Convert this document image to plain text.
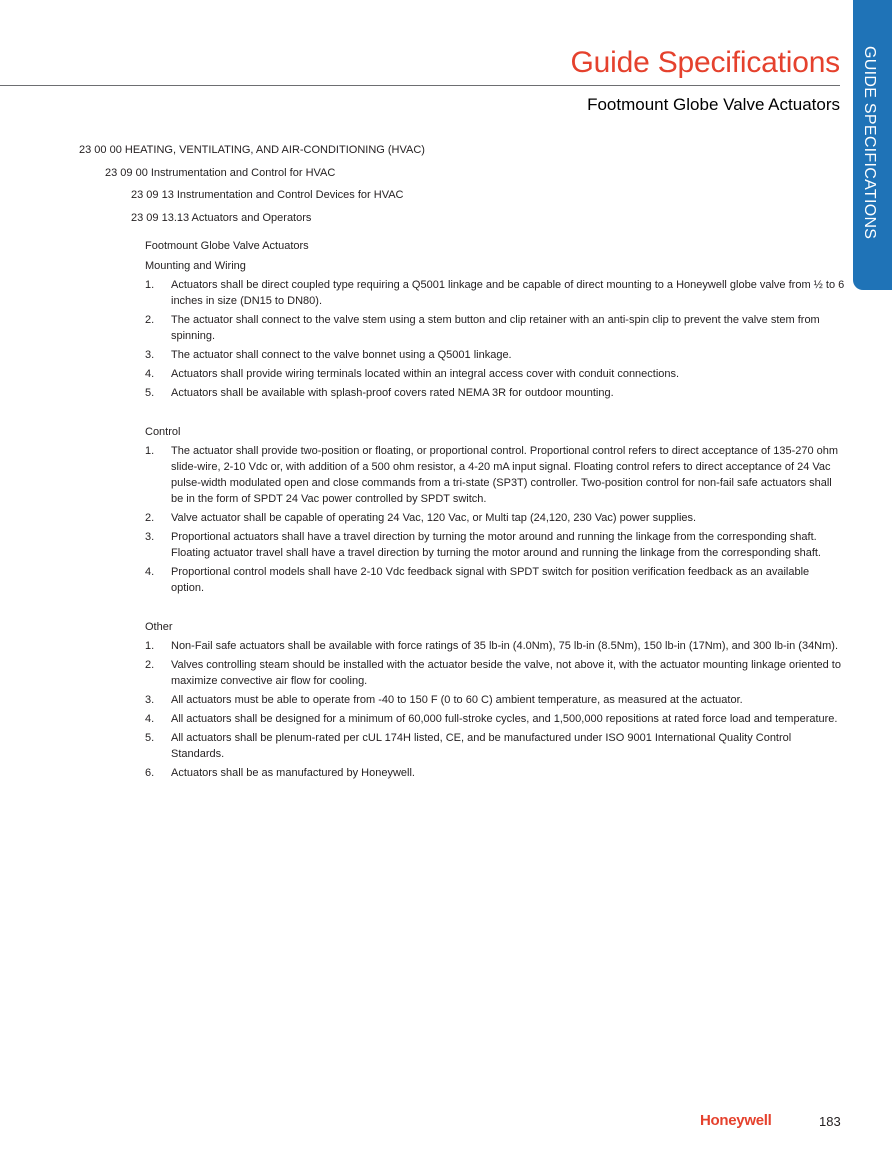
GUIDE SPECIFICATIONS
Guide Specifications
Footmount Globe Valve Actuators
23 00 00 HEATING, VENTILATING, AND AIR-CONDITIONING (HVAC)
23 09 00 Instrumentation and Control for HVAC
23 09 13 Instrumentation and Control Devices for HVAC
23 09 13.13 Actuators and Operators
Footmount Globe Valve Actuators
Mounting and Wiring
1. Actuators shall be direct coupled type requiring a Q5001 linkage and be capable of direct mounting to a Honeywell globe valve from ½ to 6 inches in size (DN15 to DN80).
2. The actuator shall connect to the valve stem using a stem button and clip retainer with an anti-spin clip to prevent the valve stem from spinning.
3. The actuator shall connect to the valve bonnet using a Q5001 linkage.
4. Actuators shall provide wiring terminals located within an integral access cover with conduit connections.
5. Actuators shall be available with splash-proof covers rated NEMA 3R for outdoor mounting.
Control
1. The actuator shall provide two-position or floating, or proportional control. Proportional control refers to direct acceptance of 135-270 ohm slide-wire, 2-10 Vdc or, with addition of a 500 ohm resistor, a 4-20 mA input signal. Floating control refers to direct acceptance of 24 Vac pulse-width modulated open and close commands from a tri-state (SP3T) controller. Two-position control for non-fail safe actuators shall be in the form of SPDT 24 Vac power controlled by SPDT switch.
2. Valve actuator shall be capable of operating 24 Vac, 120 Vac, or Multi tap (24,120, 230 Vac) power supplies.
3. Proportional actuators shall have a travel direction by turning the motor around and running the linkage from the corresponding shaft. Floating actuator travel shall have a travel direction by turning the motor around and running the linkage from the corresponding shaft.
4. Proportional control models shall have 2-10 Vdc feedback signal with SPDT switch for position verification feedback as an available option.
Other
1. Non-Fail safe actuators shall be available with force ratings of 35 lb-in (4.0Nm), 75 lb-in (8.5Nm), 150 lb-in (17Nm), and 300 lb-in (34Nm).
2. Valves controlling steam should be installed with the actuator beside the valve, not above it, with the actuator mounting linkage oriented to maximize convective air flow for cooling.
3. All actuators must be able to operate from -40 to 150 F (0 to 60 C) ambient temperature, as measured at the actuator.
4. All actuators shall be designed for a minimum of 60,000 full-stroke cycles, and 1,500,000 repositions at rated force load and temperature.
5. All actuators shall be plenum-rated per cUL 174H listed, CE, and be manufactured under ISO 9001 International Quality Control Standards.
6. Actuators shall be as manufactured by Honeywell.
Honeywell	183
